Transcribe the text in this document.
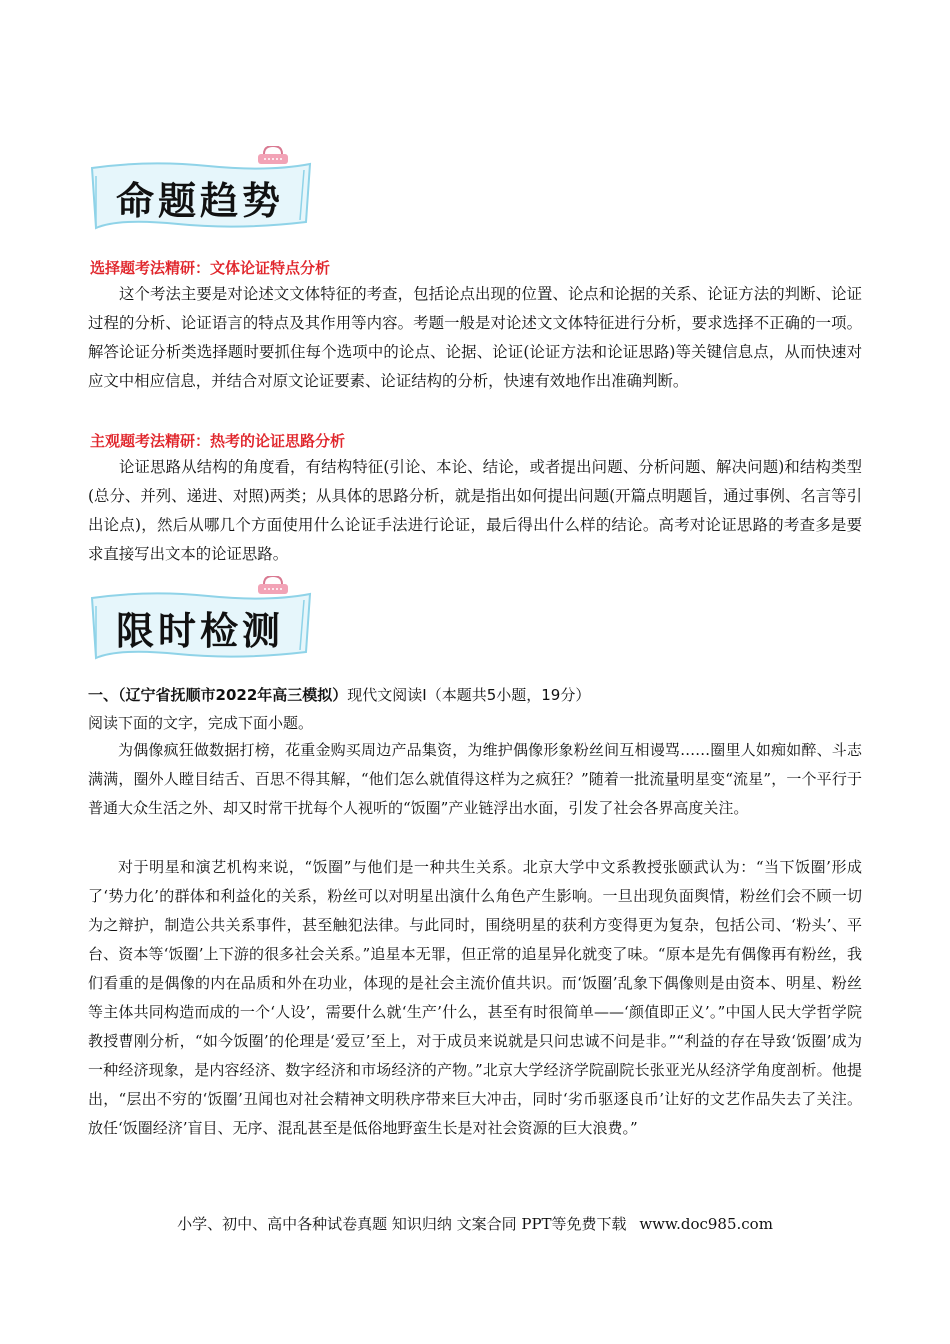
命题趋势
选择题考法精研：文体论证特点分析

这个考法主要是对论述文文体特征的考查，包括论点出现的位置、论点和论据的关系、论证方法的判断、论证过程的分析、论证语言的特点及其作用等内容。考题一般是对论述文文体特征进行分析，要求选择不正确的一项。解答论证分析类选择题时要抓住每个选项中的论点、论据、论证(论证方法和论证思路)等关键信息点，从而快速对应文中相应信息，并结合对原文论证要素、论证结构的分析，快速有效地作出准确判断。

主观题考法精研：热考的论证思路分析

论证思路从结构的角度看，有结构特征(引论、本论、结论，或者提出问题、分析问题、解决问题)和结构类型(总分、并列、递进、对照)两类；从具体的思路分析，就是指出如何提出问题(开篇点明题旨，通过事例、名言等引出论点)，然后从哪几个方面使用什么论证手法进行论证，最后得出什么样的结论。高考对论证思路的考查多是要求直接写出文本的论证思路。

限时检测
一、（辽宁省抚顺市2022年高三模拟）现代文阅读Ⅰ（本题共5小题，19分）
阅读下面的文字，完成下面小题。

为偶像疯狂做数据打榜，花重金购买周边产品集资，为维护偶像形象粉丝间互相谩骂……圈里人如痴如醉、斗志满满，圈外人瞠目结舌、百思不得其解，“他们怎么就值得这样为之疯狂？”随着一批流量明星变“流星”，一个平行于普通大众生活之外、却又时常干扰每个人视听的“饭圈”产业链浮出水面，引发了社会各界高度关注。

对于明星和演艺机构来说，“饭圈”与他们是一种共生关系。北京大学中文系教授张颐武认为：“当下饭圈’形成了‘势力化’的群体和利益化的关系，粉丝可以对明星出演什么角色产生影响。一旦出现负面舆情，粉丝们会不顾一切为之辩护，制造公共关系事件，甚至触犯法律。与此同时，围绕明星的获利方变得更为复杂，包括公司、‘粉头’、平台、资本等‘饭圈’上下游的很多社会关系。”追星本无罪，但正常的追星异化就变了味。“原本是先有偶像再有粉丝，我们看重的是偶像的内在品质和外在功业，体现的是社会主流价值共识。而‘饭圈’乱象下偶像则是由资本、明星、粉丝等主体共同构造而成的一个‘人设’，需要什么就‘生产’什么，甚至有时很简单——‘颜值即正义’。”中国人民大学哲学院教授曹刚分析，“如今饭圈’的伦理是‘爱豆’至上，对于成员来说就是只问忠诚不问是非。”“利益的存在导致‘饭圈’成为一种经济现象，是内容经济、数字经济和市场经济的产物。”北京大学经济学院副院长张亚光从经济学角度剖析。他提出，“层出不穷的‘饭圈’丑闻也对社会精神文明秩序带来巨大冲击，同时‘劣币驱逐良币’让好的文艺作品失去了关注。放任‘饭圈经济’盲目、无序、混乱甚至是低俗地野蛮生长是对社会资源的巨大浪费。”

小学、初中、高中各种试卷真题 知识归纳 文案合同 PPT等免费下载 www.doc985.com
